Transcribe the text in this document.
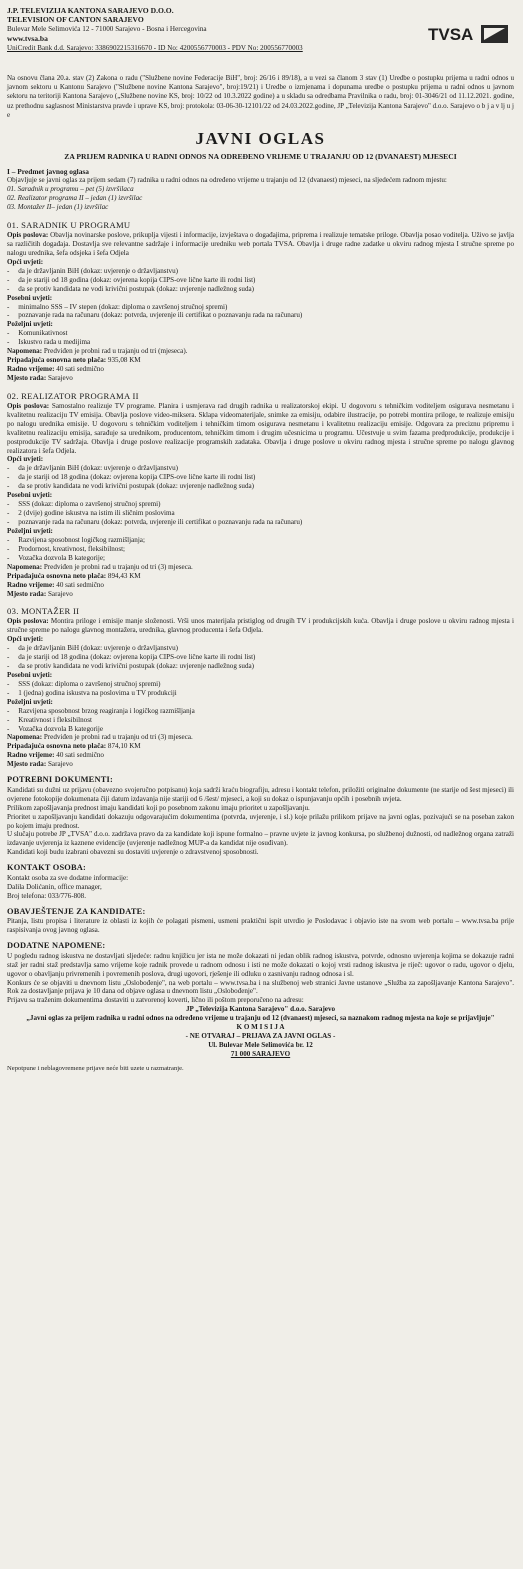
J.P. TELEVIZIJA KANTONA SARAJEVO D.O.O.
TELEVISION OF CANTON SARAJEVO
Bulevar Mele Selimovića 12 - 71000 Sarajevo - Bosna i Hercegovina
www.tvsa.ba
UniCredit Bank d.d. Sarajevo: 3386902215316670 - ID No: 4200556770003 - PDV No: 200556770003
TVSA

Na osnovu člana 20.a. stav (2) Zakona o radu ("Službene novine Federacije BiH", broj: 26/16 i 89/18), a u vezi sa članom 3 stav (1) Uredbe o postupku prijema u radni odnos u javnom sektoru u Kantonu Sarajevo ("Službene novine Kantona Sarajevo", broj:19/21) i Uredbe o izmjenama i dopunama uredbe o postupku prijema u radni odnos u javnom sektoru na teritoriji Kantona Sarajevo („Službene novine KS, broj: 10/22 od 10.3.2022 godine) a u skladu sa odredbama Pravilnika o radu, broj: 01-3046/21 od 11.12.2021. godine, uz prethodnu saglasnost Ministarstva pravde i uprave KS, broj: protokola: 03-06-30-12101/22 od 24.03.2022.godine, JP „Televizija Kantona Sarajevo" d.o.o. Sarajevo o b j a v lj u j e

JAVNI OGLAS
ZA PRIJEM RADNIKA U RADNI ODNOS NA ODREĐENO VRIJEME U TRAJANJU OD 12 (DVANAEST) MJESECI
I – Predmet javnog oglasa

Objavljuje se javni oglas za prijem sedam (7) radnika u radni odnos na određeno vrijeme u trajanju od 12 (dvanaest) mjeseci, na sljedećem radnom mjestu:

01. Saradnik u programu – pet (5) izvršilaca
02. Realizator programa II – jedan (1) izvršilac
03. Montažer II– jedan (1) izvršilac
01. SARADNIK U PROGRAMU

Opis poslova: Obavlja novinarske poslove, prikuplja vijesti i informacije, izvještava o događajima, priprema i realizuje tematske priloge. Obavlja posao voditelja. Uživo se javlja sa različitih događaja. Dostavlja sve relevantne sadržaje i informacije uredniku web portala TVSA. Obavlja i druge radne zadatke u okviru radnog mjesta I stručne spreme po nalogu urednika, šefa odsjeka i šefa Odjela

Opći uvjeti:
-     da je državljanin BiH (dokaz: uvjerenje o državljanstvu)
-     da je stariji od 18 godina (dokaz: ovjerena kopija CIPS-ove lične karte ili rodni list)
-     da se protiv kandidata ne vodi krivični postupak (dokaz: uvjerenje nadležnog suda)
Posebni uvjeti:
-     minimalno SSS – IV stepen (dokaz: diploma o završenoj stručnoj spremi)
-     poznavanje rada na računaru (dokaz: potvrda, uvjerenje ili certifikat o poznavanju rada na računaru)
Poželjni uvjeti:
-     Komunikativnost
-     Iskustvo rada u medijima
Napomena: Predviđen je probni rad u trajanju od tri (mjeseca).
Pripadajuća osnovna neto plača: 935,08 KM
Radno vrijeme: 40 sati sedmično
Mjesto rada: Sarajevo
02. REALIZATOR PROGRAMA II

Opis poslova: Samostalno realizuje TV programe. Planira i usmjerava rad drugih radnika u realizatorskoj ekipi. U dogovoru s tehničkim voditeljem osigurava nesmetanu i kvalitetnu realizaciju TV emisija. Obavlja poslove video-miksera. Sklapa videomaterijale, snimke za emisiju, odabire ilustracije, po potrebi montira priloge, te realizuje emisiju po nalogu urednika emisije. U dogovoru s tehničkim voditeljem i tehničkim timom osigurava nesmetanu i kvalitetnu realizaciju emisije. Odgovara za preciznu pripremu i kvalitetnu realizaciju emisija, sarađuje sa urednikom, producentom, tehničkim timom i drugim učesnicima u programu. Učestvuje u svim fazama predprodukcije, produkcije i postprodukcije TV sadržaja. Obavlja i druge poslove realizacije programskih zadataka. Obavlja i druge poslove u okviru radnog mjesta i stručne spreme po nalogu glavnog realizatora i šefa Odjela.

Opći uvjeti:
-     da je državljanin BiH (dokaz: uvjerenje o državljanstvu)
-     da je stariji od 18 godina (dokaz: ovjerena kopija CIPS-ove lične karte ili rodni list)
-     da se protiv kandidata ne vodi krivični postupak (dokaz: uvjerenje nadležnog suda)
Posebni uvjeti:
-     SSS (dokaz: diploma o završenoj stručnoj spremi)
-     2 (dvije) godine iskustva na istim ili sličnim poslovima
-     poznavanje rada na računaru (dokaz: potvrda, uvjerenje ili certifikat o poznavanju rada na računaru)
Poželjni uvjeti:
-     Razvijena sposobnost logičkog razmišljanja;
-     Prodornost, kreativnost, fleksibilnost;
-     Vozačka dozvola B kategorije;
Napomena: Predviđen je probni rad u trajanju od tri (3) mjeseca.
Pripadajuća osnovna neto plača: 894,43 KM
Radno vrijeme: 40 sati sedmično
Mjesto rada: Sarajevo
03. MONTAŽER II

Opis poslova: Montira priloge i emisije manje složenosti. Vrši unos materijala pristiglog od drugih TV i produkcijskih kuća. Obavlja i druge poslove u okviru radnog mjesta i stručne spreme po nalogu glavnog montažera, urednika, glavnog producenta i šefa Odjela.

Opći uvjeti:
-     da je državljanin BiH (dokaz: uvjerenje o državljanstvu)
-     da je stariji od 18 godina (dokaz: ovjerena kopija CIPS-ove lične karte ili rodni list)
-     da se protiv kandidata ne vodi krivični postupak (dokaz: uvjerenje nadležnog suda)
Posebni uvjeti:
-     SSS (dokaz: diploma o završenoj stručnoj spremi)
-     1 (jedna) godina iskustva na poslovima u TV produkciji
Poželjni uvjeti:
-     Razvijena sposobnost brzog reagiranja i logičkog razmišljanja
-     Kreativnost i fleksibilnost
-     Vozačka dozvola B kategorije
Napomena: Predviđen je probni rad u trajanju od tri (3) mjeseca.
Pripadajuća osnovna neto plača: 874,10 KM
Radno vrijeme: 40 sati sedmično
Mjesto rada: Sarajevo
POTREBNI DOKUMENTI:

Kandidati su dužni uz prijavu (obavezno svojeručno potpisanu) koja sadrži kraću biografiju, adresu i kontakt telefon, priložiti originalne dokumente (ne starije od šest mjeseci) ili ovjerene fotokopije dokumenata čiji datum izdavanja nije stariji od 6 /šest/ mjeseci, a koji su dokaz o ispunjavanju općih i posebnih uvjeta.

Prilikom zapošljavanja prednost imaju kandidati koji po posebnom zakonu imaju prioritet u zapošljavanju.

Prioritet u zapošljavanju kandidati dokazuju odgovarajućim dokumentima (potvrda, uvjerenje, i sl.) koje prilažu prilikom prijave na javni oglas, pozivajući se na poseban zakon po kojem imaju prednost.

U slučaju potrebe JP „TVSA" d.o.o. zadržava pravo da za kandidate koji ispune formalno – pravne uvjete iz javnog konkursa, po službenoj dužnosti, od nadležnog organa zatraži izdavanje uvjerenja iz kaznene evidencije (uvjerenje nadležnog MUP-a da kandidat nije osuđivan).

Kandidati koji budu izabrani obavezni su dostaviti uvjerenje o zdravstvenoj sposobnosti.

KONTAKT OSOBA:
Kontakt osoba za sve dodatne informacije:
Dalila Dolićanin, office manager,
Broj telefona: 033/776-808.
OBAVJEŠTENJE ZA KANDIDATE:

Pitanja, listu propisa i literature iz oblasti iz kojih će polagati pismeni, usmeni praktični ispit utvrdio je Poslodavac i objavio iste na svom web portalu – www.tvsa.ba prije raspisivanja ovog javnog oglasa.

DODATNE NAPOMENE:

U pogledu radnog iskustva ne dostavljati sljedeće: radnu knjižicu jer ista ne može dokazati ni jedan oblik radnog iskustva, potvrde, odnosno uvjerenja kojima se dokazuje radni staž jer radni staž predstavlja samo vrijeme koje radnik provede u radnom odnosu i isti ne može dokazati o kojoj vrsti radnog iskustva je riječ: ugovor o radu, ugovor o djelu, ugovor o obavljanju privremenih i povremenih poslova, drugi ugovori, rješenje ili odluku o zasnivanju radnog odnosa i sl.

Konkurs će se objaviti u dnevnom listu „Oslobođenje", na web portalu – www.tvsa.ba i na službenoj web stranici Javne ustanove „Služba za zapošljavanje Kantona Sarajevo". Rok za dostavljanje prijava je 10 dana od objave oglasa u dnevnom listu „Oslobođenje".

Prijavu sa traženim dokumentima dostaviti u zatvorenoj koverti, lično ili poštom preporučeno na adresu:

JP „Televizija Kantona Sarajevo" d.o.o. Sarajevo
„Javni oglas za prijem radnika u radni odnos na određeno vrijeme u trajanju od 12 (dvanaest) mjeseci, sa naznakom radnog mjesta na koje se prijavljuje"
K O M I S I J A
- NE OTVARAJ – PRIJAVA ZA JAVNI OGLAS -
Ul. Bulevar Mele Selimovića br. 12
71 000 SARAJEVO
Nepotpune i neblagovremene prijave neće biti uzete u razmatranje.
